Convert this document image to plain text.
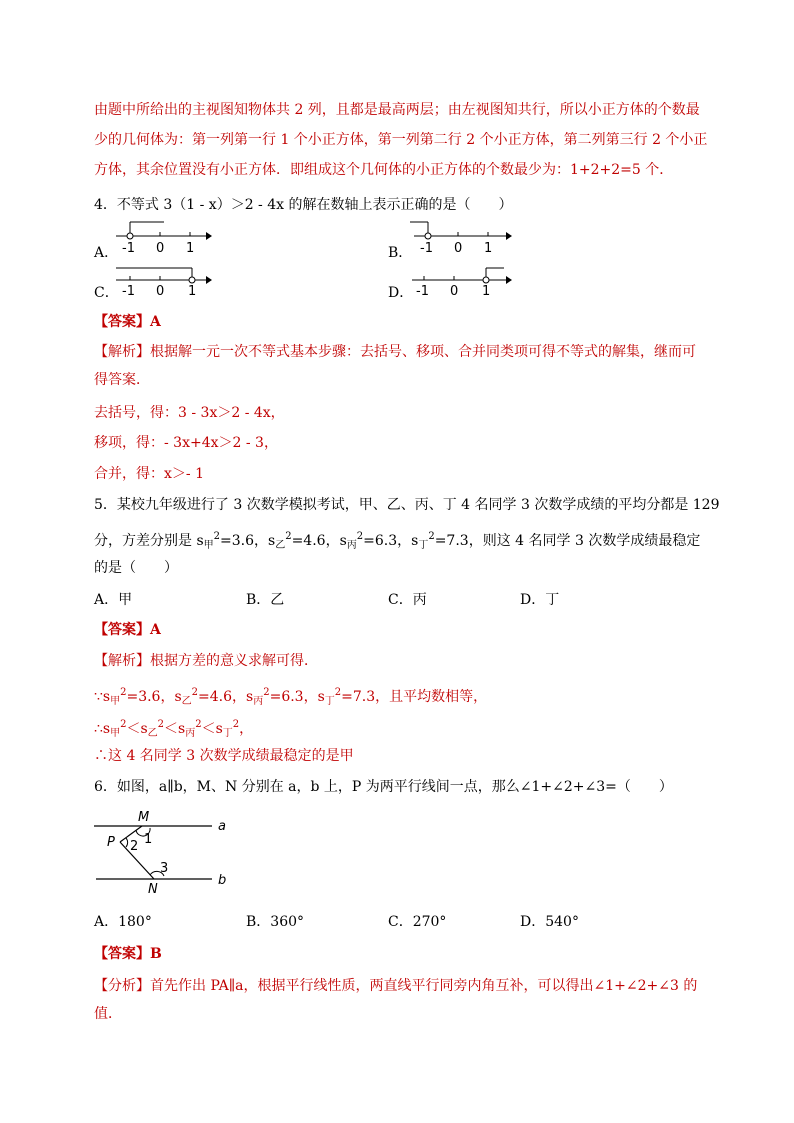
由题中所给出的主视图知物体共 2 列，且都是最高两层；由左视图知共行，所以小正方体的个数最
少的几何体为：第一列第一行 1 个小正方体，第一列第二行 2 个小正方体，第二列第三行 2 个小正
方体，其余位置没有小正方体．即组成这个几何体的小正方体的个数最少为：1+2+2=5 个．
4．不等式 3（1 - x）＞2 - 4x 的解在数轴上表示正确的是（　　）
A． -1 0 1	B． -1 0 1
C． -1 0 1	D． -1 0 1
【答案】A
【解析】根据解一元一次不等式基本步骤：去括号、移项、合并同类项可得不等式的解集，继而可
得答案．
去括号，得：3 - 3x＞2 - 4x，
移项，得：- 3x+4x＞2 - 3，
合并，得：x＞- 1
5．某校九年级进行了 3 次数学模拟考试，甲、乙、丙、丁 4 名同学 3 次数学成绩的平均分都是 129
分，方差分别是 $s_甲^2=3.6$，$s_乙^2=4.6$，$s_丙^2=6.3$，$s_丁^2=7.3$，则这 4 名同学 3 次数学成绩最稳定
的是（　　）
A．甲	B．乙	C．丙	D．丁
【答案】A
【解析】根据方差的意义求解可得．
$\because s_甲^2=3.6$，$s_乙^2=4.6$，$s_丙^2=6.3$，$s_丁^2=7.3$，且平均数相等，
$\therefore s_甲^2<s_乙^2<s_丙^2<s_丁^2$，
∴这 4 名同学 3 次数学成绩最稳定的是甲
6．如图，a∥b，M、N 分别在 a，b 上，P 为两平行线间一点，那么∠1+∠2+∠3=（　　）
M
a
P 1
2
3
N
b
A．180°	B．360°	C．270°	D．540°
【答案】B
【分析】首先作出 PA∥a，根据平行线性质，两直线平行同旁内角互补，可以得出∠1+∠2+∠3 的
值．
